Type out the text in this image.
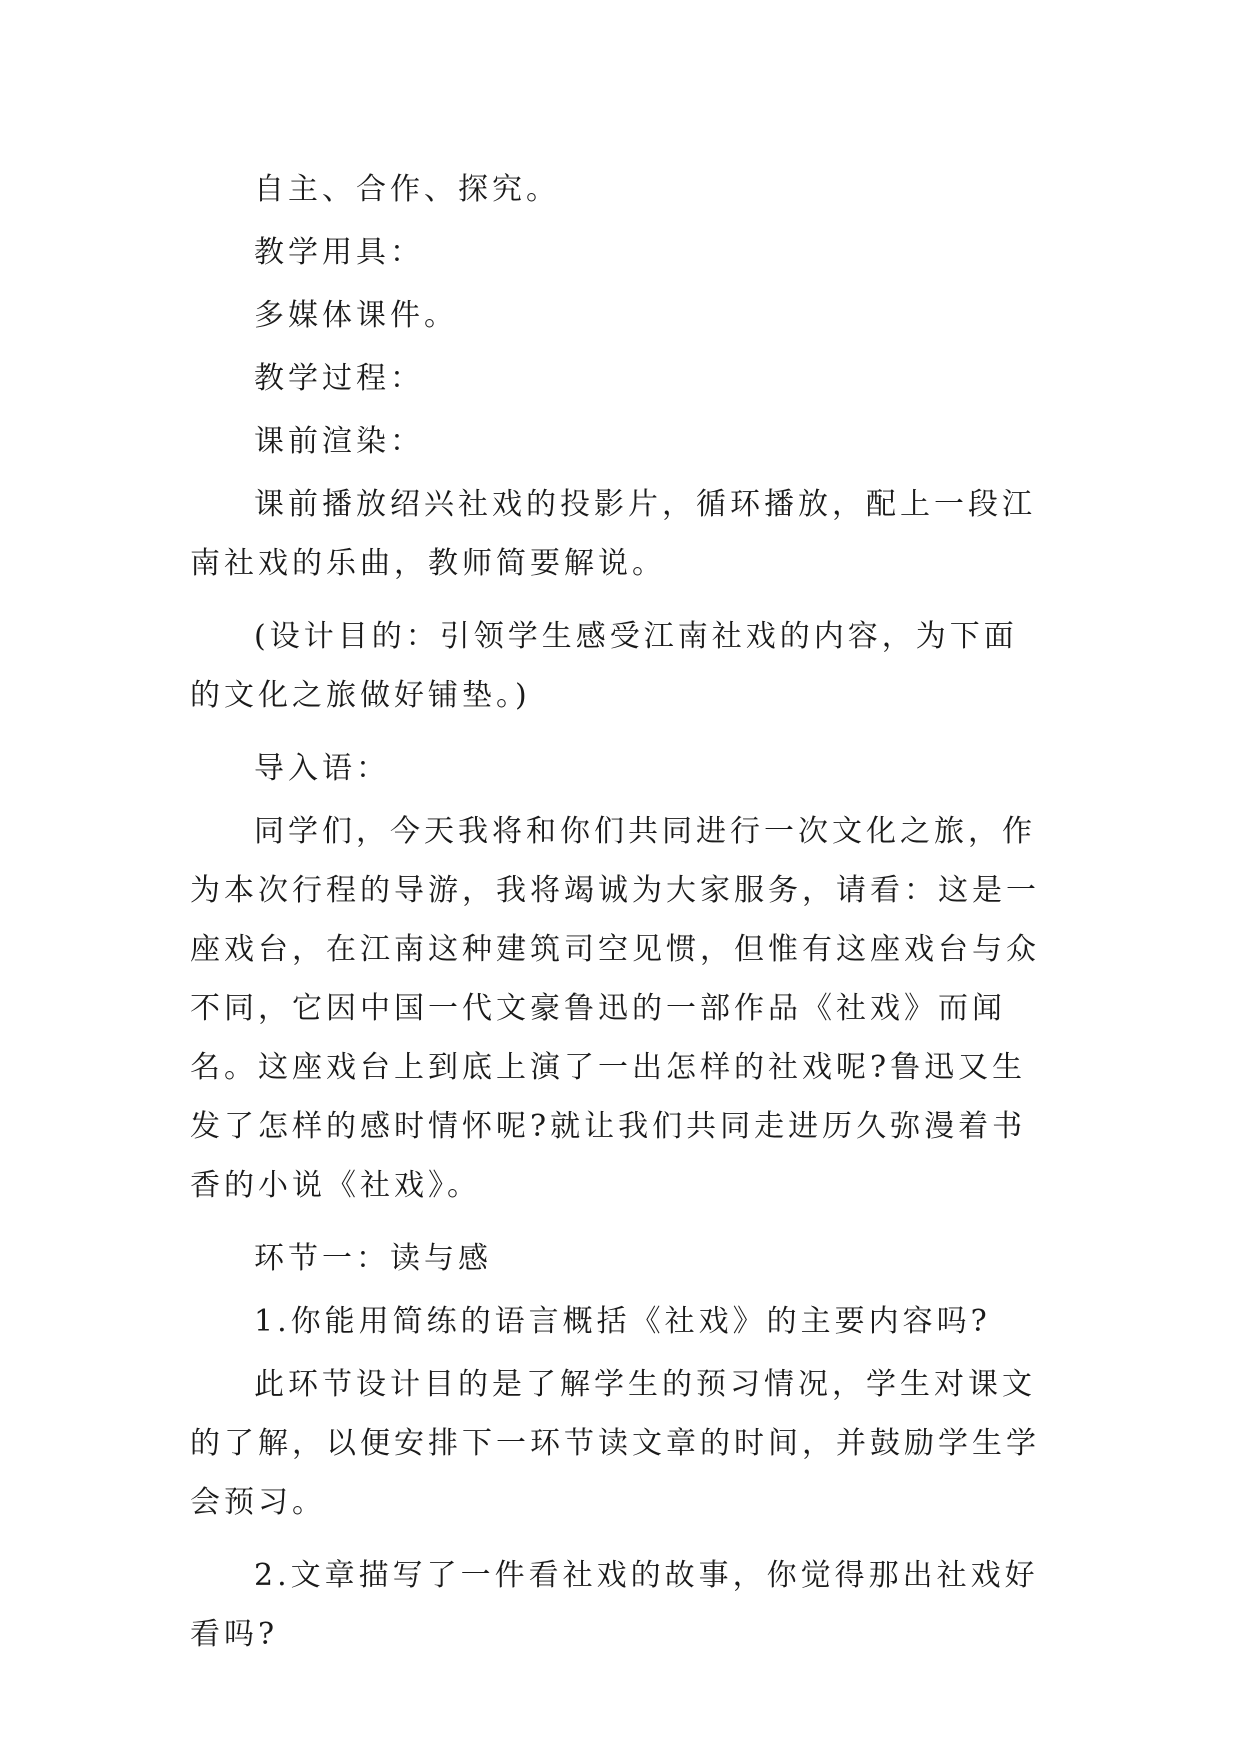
自主、合作、探究。

教学用具：

多媒体课件。

教学过程：

课前渲染：

课前播放绍兴社戏的投影片，循环播放，配上一段江南社戏的乐曲，教师简要解说。

(设计目的：引领学生感受江南社戏的内容，为下面的文化之旅做好铺垫。)

导入语：

同学们，今天我将和你们共同进行一次文化之旅，作为本次行程的导游，我将竭诚为大家服务，请看：这是一座戏台，在江南这种建筑司空见惯，但惟有这座戏台与众不同，它因中国一代文豪鲁迅的一部作品《社戏》而闻名。这座戏台上到底上演了一出怎样的社戏呢?鲁迅又生发了怎样的感时情怀呢?就让我们共同走进历久弥漫着书香的小说《社戏》。

环节一：读与感

1.你能用简练的语言概括《社戏》的主要内容吗?

此环节设计目的是了解学生的预习情况，学生对课文的了解，以便安排下一环节读文章的时间，并鼓励学生学会预习。

2.文章描写了一件看社戏的故事，你觉得那出社戏好看吗?
